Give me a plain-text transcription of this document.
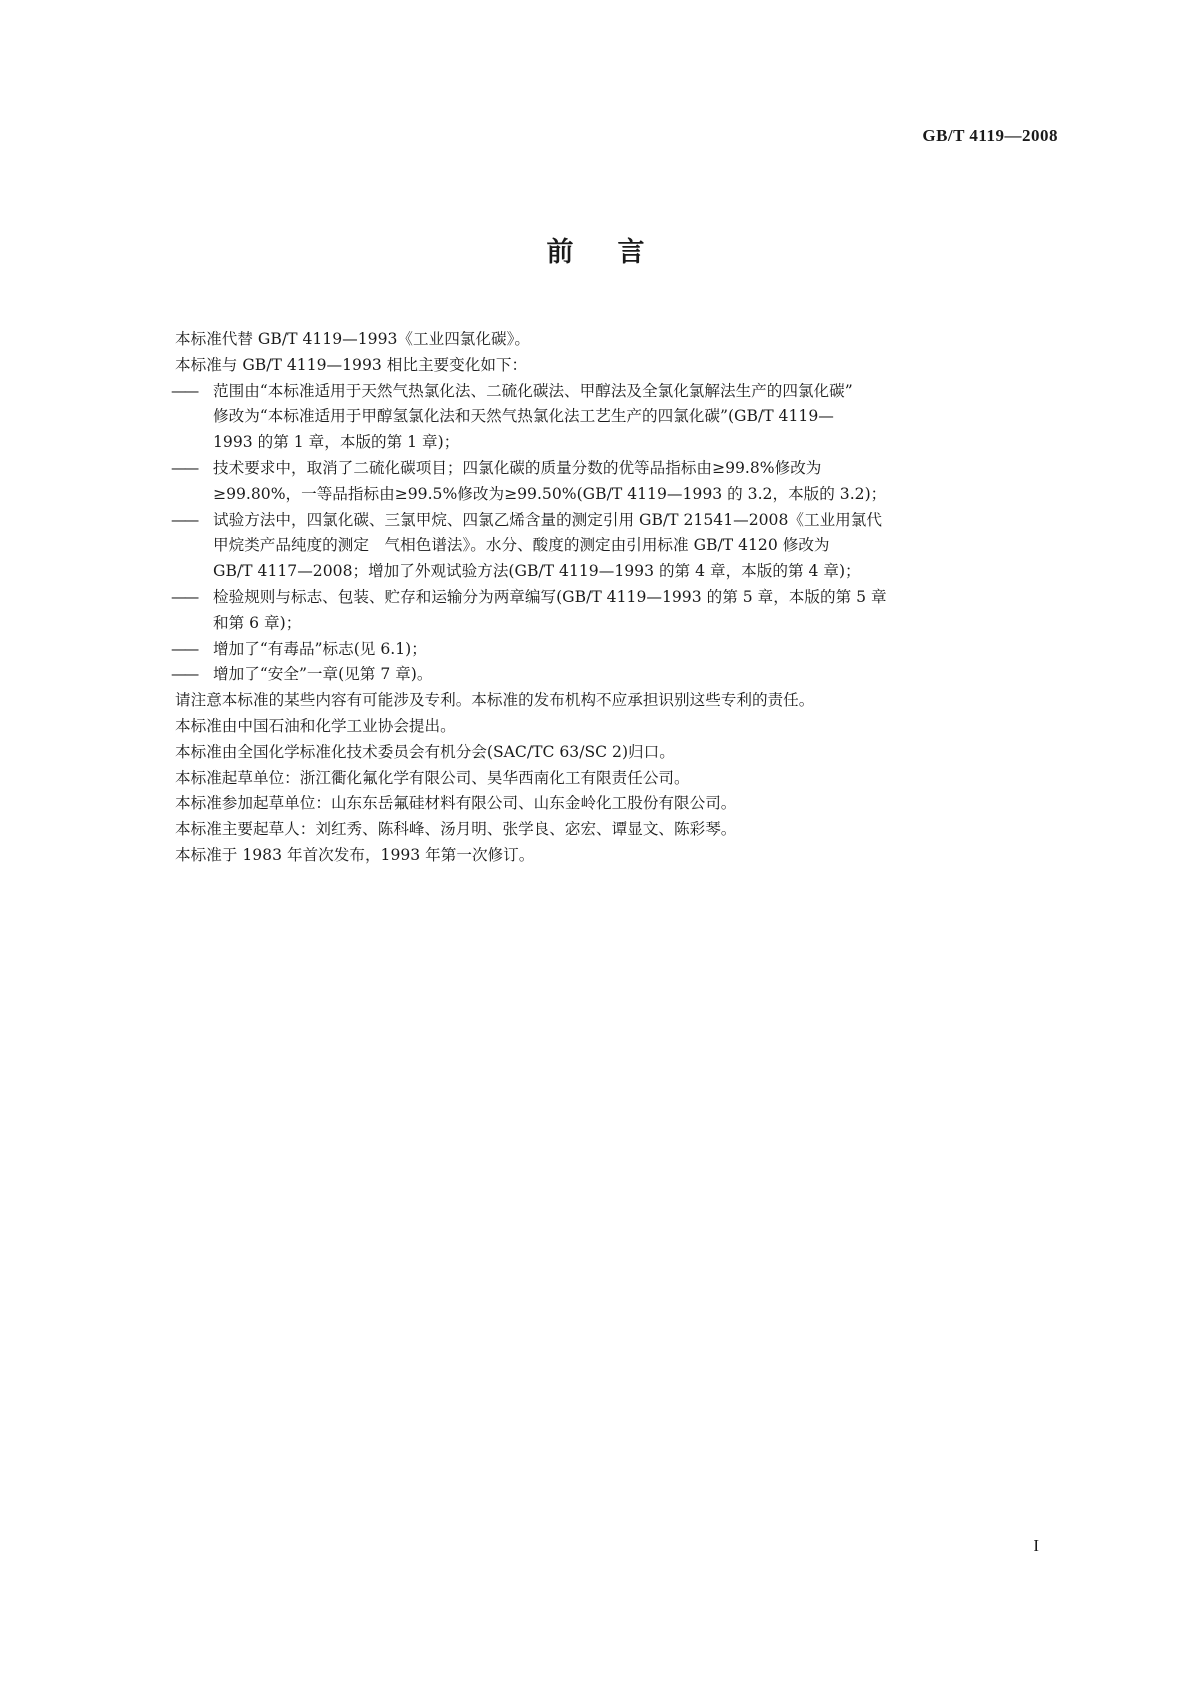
GB/T 4119—2008
前言

本标准代替 GB/T 4119—1993《工业四氯化碳》。

本标准与 GB/T 4119—1993 相比主要变化如下：

—— 范围由“本标准适用于天然气热氯化法、二硫化碳法、甲醇法及全氯化氯解法生产的四氯化碳”
修改为“本标准适用于甲醇氢氯化法和天然气热氯化法工艺生产的四氯化碳”(GB/T 4119—
1993 的第 1 章，本版的第 1 章)；
—— 技术要求中，取消了二硫化碳项目；四氯化碳的质量分数的优等品指标由≥99.8%修改为
≥99.80%，一等品指标由≥99.5%修改为≥99.50%(GB/T 4119—1993 的 3.2，本版的 3.2)；
—— 试验方法中，四氯化碳、三氯甲烷、四氯乙烯含量的测定引用 GB/T 21541—2008《工业用氯代
甲烷类产品纯度的测定　气相色谱法》。水分、酸度的测定由引用标准 GB/T 4120 修改为
GB/T 4117—2008；增加了外观试验方法(GB/T 4119—1993 的第 4 章，本版的第 4 章)；
—— 检验规则与标志、包装、贮存和运输分为两章编写(GB/T 4119—1993 的第 5 章，本版的第 5 章
和第 6 章)；
—— 增加了“有毒品”标志(见 6.1)；
—— 增加了“安全”一章(见第 7 章)。

请注意本标准的某些内容有可能涉及专利。本标准的发布机构不应承担识别这些专利的责任。

本标准由中国石油和化学工业协会提出。

本标准由全国化学标准化技术委员会有机分会(SAC/TC 63/SC 2)归口。

本标准起草单位：浙江衢化氟化学有限公司、昊华西南化工有限责任公司。

本标准参加起草单位：山东东岳氟硅材料有限公司、山东金岭化工股份有限公司。

本标准主要起草人：刘红秀、陈科峰、汤月明、张学良、宓宏、谭显文、陈彩琴。

本标准于 1983 年首次发布，1993 年第一次修订。

I
